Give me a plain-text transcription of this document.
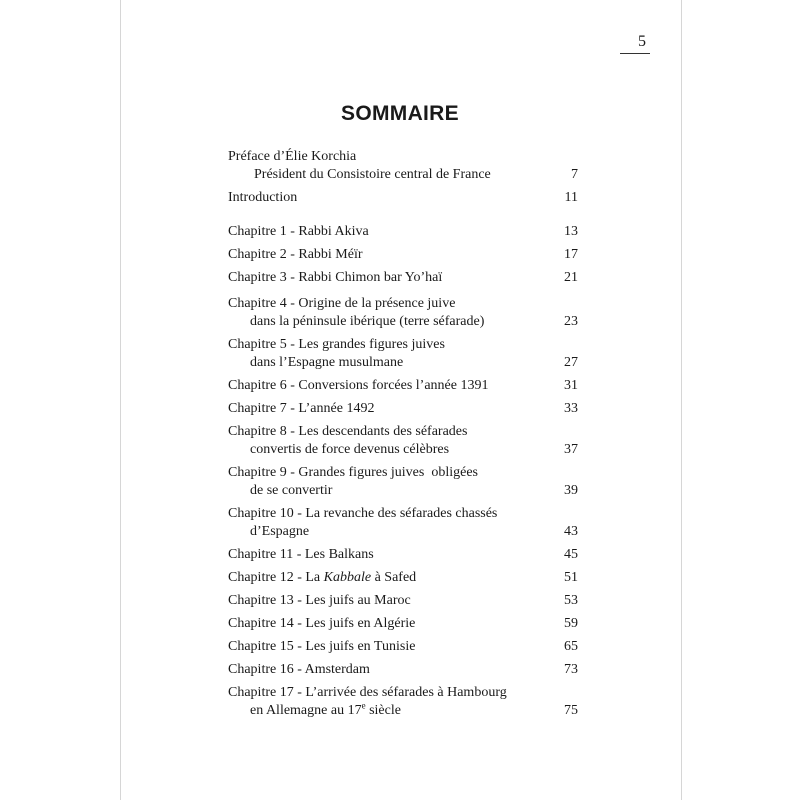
5
SOMMAIRE
Préface d’Élie Korchia
Président du Consistoire central de France	7
Introduction	11
Chapitre 1 - Rabbi Akiva	13
Chapitre 2 - Rabbi Méïr	17
Chapitre 3 - Rabbi Chimon bar Yo’haï	21
Chapitre 4 - Origine de la présence juive
dans la péninsule ibérique (terre séfarade)	23
Chapitre 5 - Les grandes figures juives
dans l’Espagne musulmane	27
Chapitre 6 - Conversions forcées l’année 1391	31
Chapitre 7 - L’année 1492	33
Chapitre 8 - Les descendants des séfarades
convertis de force devenus célèbres	37
Chapitre 9 - Grandes figures juives  obligées
de se convertir	39
Chapitre 10 - La revanche des séfarades chassés
d’Espagne	43
Chapitre 11 - Les Balkans	45
Chapitre 12 - La Kabbale à Safed	51
Chapitre 13 - Les juifs au Maroc	53
Chapitre 14 - Les juifs en Algérie	59
Chapitre 15 - Les juifs en Tunisie	65
Chapitre 16 - Amsterdam	73
Chapitre 17 - L’arrivée des séfarades à Hambourg
en Allemagne au 17e siècle	75
